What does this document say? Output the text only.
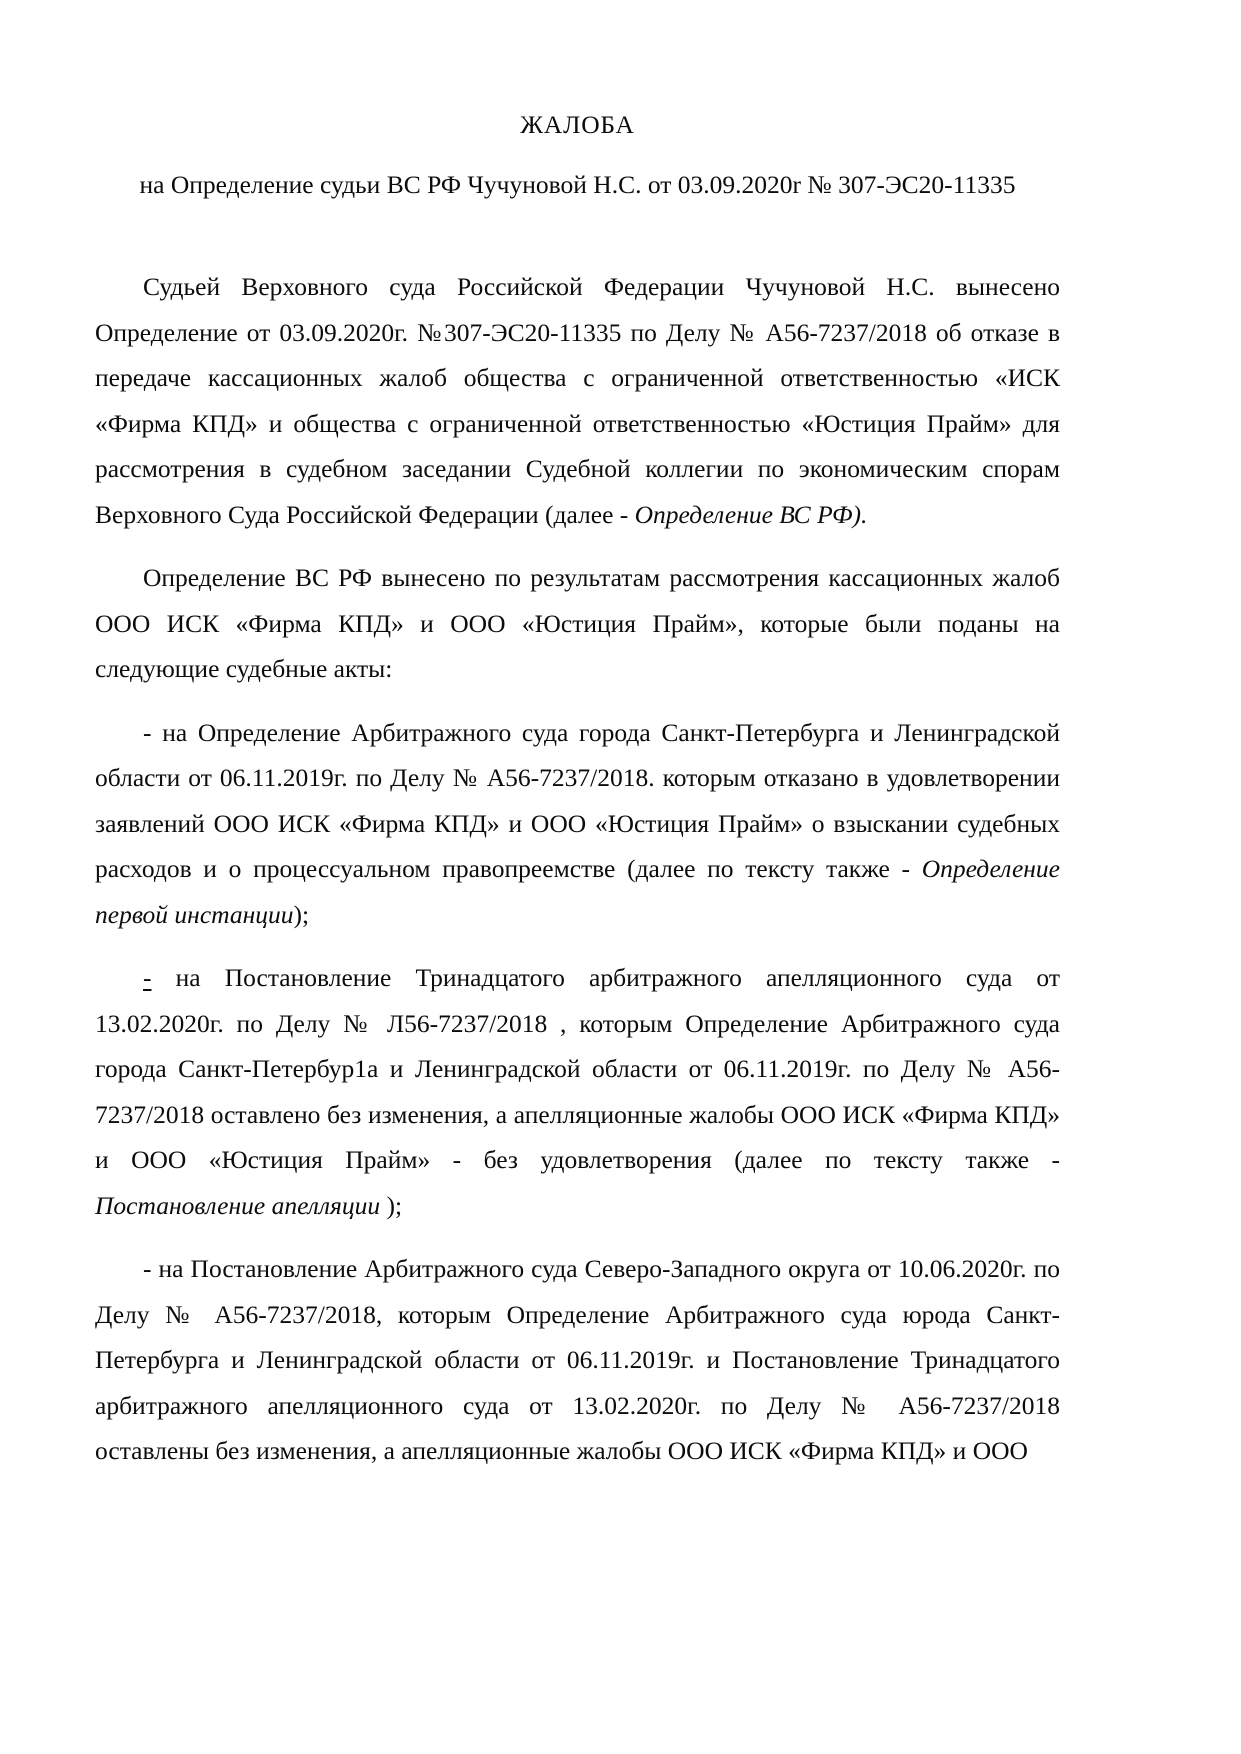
ЖАЛОБА
на Определение судьи ВС РФ Чучуновой Н.С. от 03.09.2020r № 307-ЭС20-11335

Судьей Верховного суда Российской Федерации Чучуновой Н.С. вынесено Определение от 03.09.2020г. №307-ЭС20-11335 по Делу № А56-7237/2018 об отказе в передаче кассационных жалоб общества с ограниченной ответственностью «ИСК «Фирма КПД» и общества с ограниченной ответственностью «Юстиция Прайм» для рассмотрения в судебном заседании Судебной коллегии по экономическим спорам Верховного Суда Российской Федерации (далее - Определение ВС РФ).

Определение ВС РФ вынесено по результатам рассмотрения кассационных жалоб ООО ИСК «Фирма КПД» и ООО «Юстиция Прайм», которые были поданы на следующие судебные акты:

- на Определение Арбитражного суда города Санкт-Петербурга и Ленинградской области от 06.11.2019г. по Делу № А56-7237/2018. которым отказано в удовлетворении заявлений ООО ИСК «Фирма КПД» и ООО «Юстиция Прайм» о взыскании судебных расходов и о процессуальном правопреемстве (далее по тексту также - Определение первой инстанции);

- на Постановление Тринадцатого арбитражного апелляционного суда от 13.02.2020г. по Делу № Л56-7237/2018 , которым Определение Арбитражного суда города Санкт-Петербур1а и Ленинградской области от 06.11.2019г. по Делу № А56-7237/2018 оставлено без изменения, а апелляционные жалобы ООО ИСК «Фирма КПД» и ООО «Юстиция Прайм» - без удовлетворения (далее по тексту также - Постановление апелляции );

- на Постановление Арбитражного суда Северо-Западного округа от 10.06.2020г. по Делу № А56-7237/2018, которым Определение Арбитражного суда юрода Санкт-Петербурга и Ленинградской области от 06.11.2019г. и Постановление Тринадцатого арбитражного апелляционного суда от 13.02.2020г. по Делу № А56-7237/2018 оставлены без изменения, а апелляционные жалобы ООО ИСК «Фирма КПД» и ООО
